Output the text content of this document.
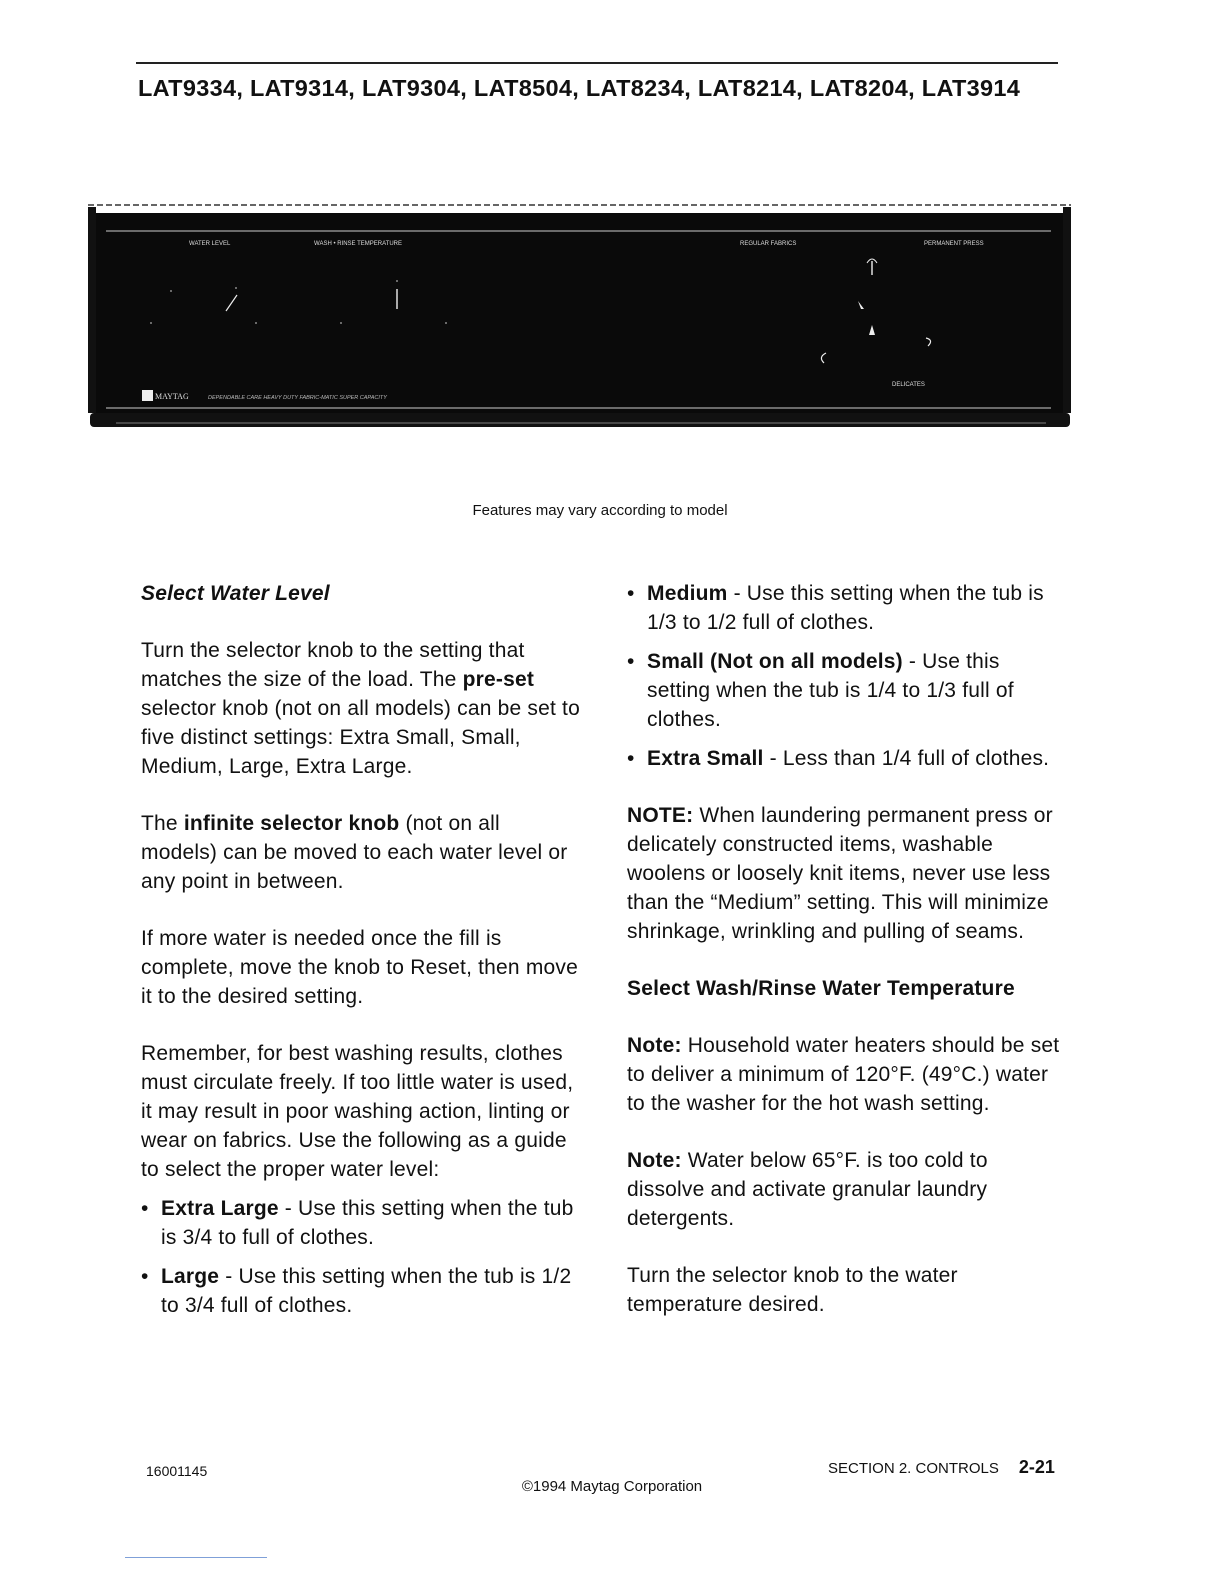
LAT9334, LAT9314, LAT9304, LAT8504, LAT8234, LAT8214, LAT8204, LAT3914
WATER LEVEL	WASH • RINSE TEMPERATURE	REGULAR FABRICS	PERMANENT PRESS
DELICATES
MAYTAG	DEPENDABLE CARE HEAVY DUTY FABRIC-MATIC SUPER CAPACITY
Features may vary according to model

Select Water Level

Turn the selector knob to the setting that matches the size of the load. The pre-set selector knob (not on all models) can be set to five distinct settings: Extra Small, Small, Medium, Large, Extra Large.

The infinite selector knob (not on all models) can be moved to each water level or any point in between.

If more water is needed once the fill is complete, move the knob to Reset, then move it to the desired setting.

Remember, for best washing results, clothes must circulate freely. If too little water is used, it may result in poor washing action, linting or wear on fabrics. Use the following as a guide to select the proper water level:

• Extra Large - Use this setting when the tub is 3/4 to full of clothes.
• Large - Use this setting when the tub is 1/2 to 3/4 full of clothes.
• Medium - Use this setting when the tub is 1/3 to 1/2 full of clothes.
• Small (Not on all models) - Use this setting when the tub is 1/4 to 1/3 full of clothes.
• Extra Small - Less than 1/4 full of clothes.

NOTE: When laundering permanent press or delicately constructed items, washable woolens or loosely knit items, never use less than the “Medium” setting. This will minimize shrinkage, wrinkling and pulling of seams.

Select Wash/Rinse Water Temperature

Note: Household water heaters should be set to deliver a minimum of 120°F. (49°C.) water to the washer for the hot wash setting.

Note: Water below 65°F. is too cold to dissolve and activate granular laundry detergents.

Turn the selector knob to the water temperature desired.

16001145
©1994 Maytag Corporation
SECTION 2. CONTROLS 2-21
